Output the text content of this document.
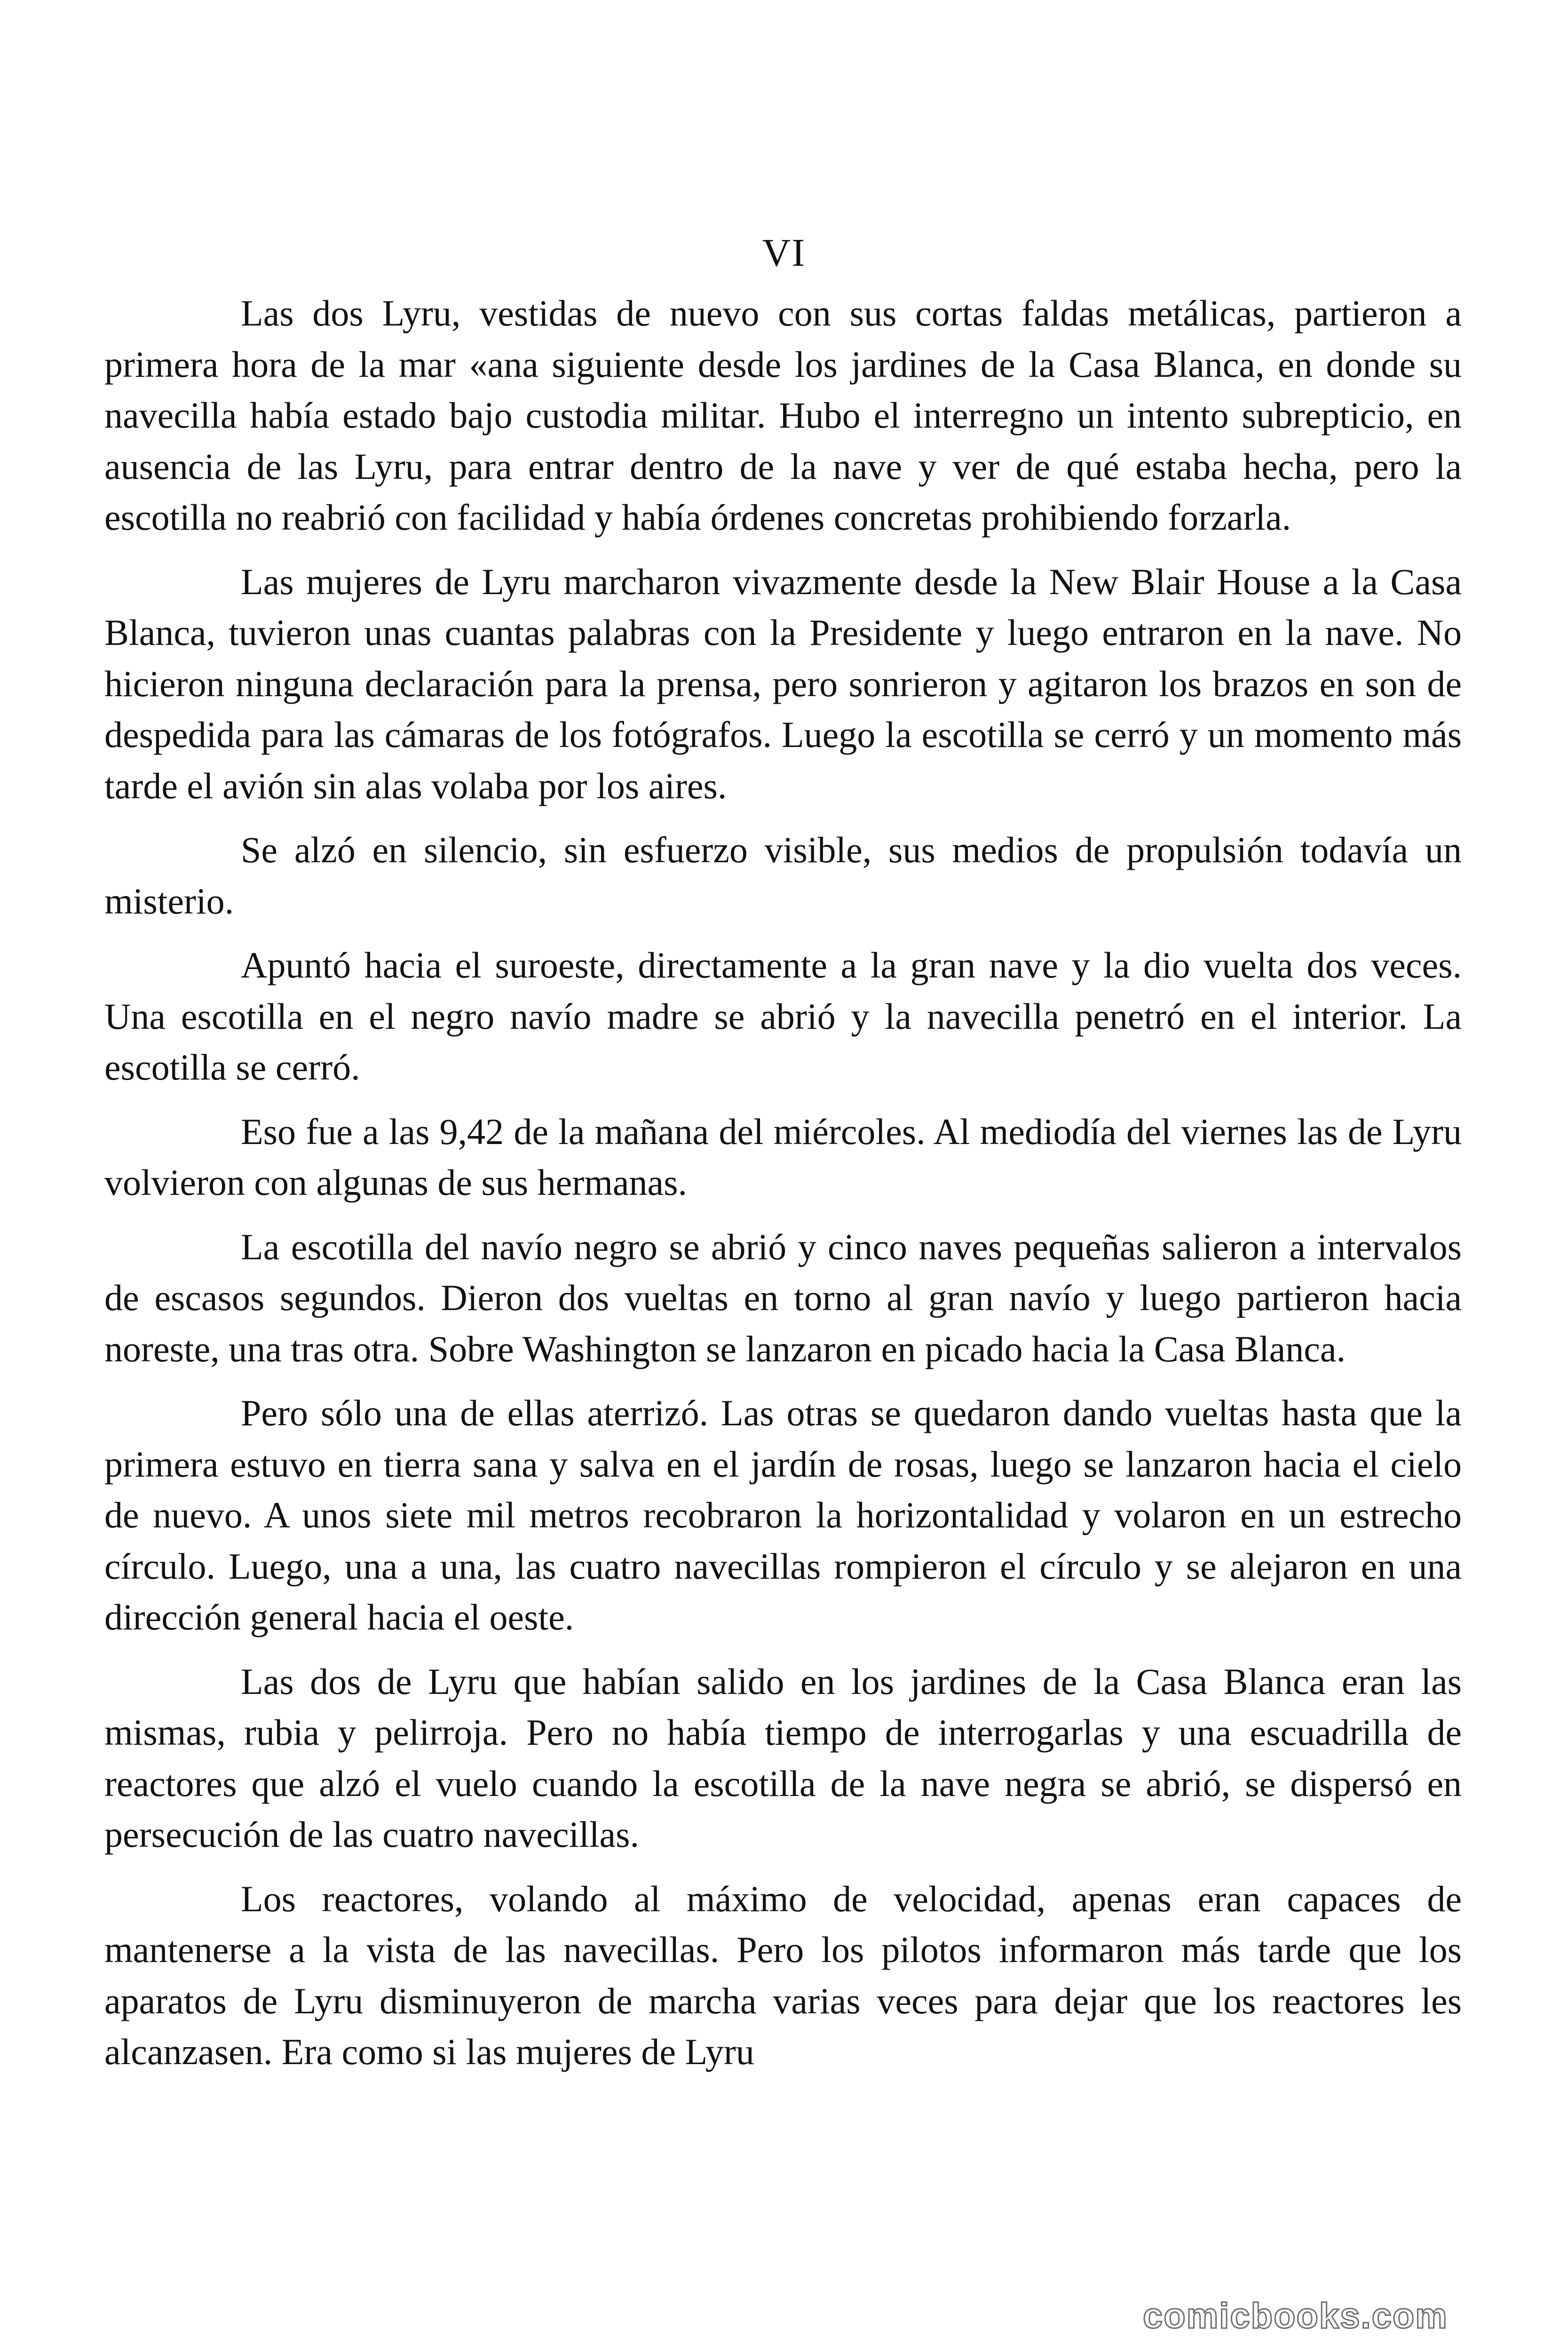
VI

Las dos Lyru, vestidas de nuevo con sus cortas faldas metálicas, partieron a primera hora de la mar «ana siguiente desde los jardines de la Casa Blanca, en donde su navecilla había estado bajo custodia militar. Hubo el interregno un intento subrepticio, en ausencia de las Lyru, para entrar dentro de la nave y ver de qué estaba hecha, pero la escotilla no reabrió con facilidad y había órdenes concretas prohibiendo forzarla.

Las mujeres de Lyru marcharon vivazmente desde la New Blair House a la Casa Blanca, tuvieron unas cuantas palabras con la Presidente y luego entraron en la nave. No hicieron ninguna declaración para la prensa, pero sonrieron y agitaron los brazos en son de despedida para las cámaras de los fotógrafos. Luego la escotilla se cerró y un momento más tarde el avión sin alas volaba por los aires.

Se alzó en silencio, sin esfuerzo visible, sus medios de propulsión todavía un misterio.

Apuntó hacia el suroeste, directamente a la gran nave y la dio vuelta dos veces. Una escotilla en el negro navío madre se abrió y la navecilla penetró en el interior. La escotilla se cerró.

Eso fue a las 9,42 de la mañana del miércoles. Al mediodía del viernes las de Lyru volvieron con algunas de sus hermanas.

La escotilla del navío negro se abrió y cinco naves pequeñas salieron a intervalos de escasos segundos. Dieron dos vueltas en torno al gran navío y luego partieron hacia noreste, una tras otra. Sobre Washington se lanzaron en picado hacia la Casa Blanca.

Pero sólo una de ellas aterrizó. Las otras se quedaron dando vueltas hasta que la primera estuvo en tierra sana y salva en el jardín de rosas, luego se lanzaron hacia el cielo de nuevo. A unos siete mil metros recobraron la horizontalidad y volaron en un estrecho círculo. Luego, una a una, las cuatro navecillas rompieron el círculo y se alejaron en una dirección general hacia el oeste.

Las dos de Lyru que habían salido en los jardines de la Casa Blanca eran las mismas, rubia y pelirroja. Pero no había tiempo de interrogarlas y una escuadrilla de reactores que alzó el vuelo cuando la escotilla de la nave negra se abrió, se dispersó en persecución de las cuatro navecillas.

Los reactores, volando al máximo de velocidad, apenas eran capaces de mantenerse a la vista de las navecillas. Pero los pilotos informaron más tarde que los aparatos de Lyru disminuyeron de marcha varias veces para dejar que los reactores les alcanzasen. Era como si las mujeres de Lyru

comicbooks.com
